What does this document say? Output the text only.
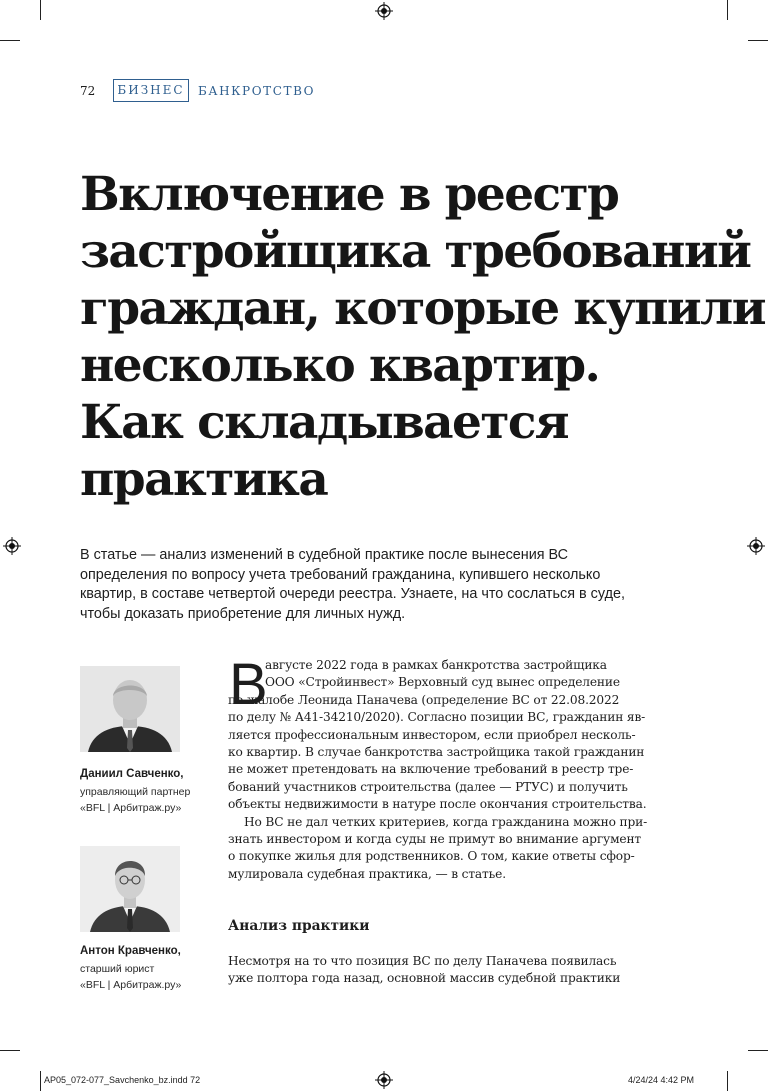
72	БИЗНЕС	БАНКРОТСТВО
Включение в реестр
застройщика требований
граждан, которые купили
несколько квартир.
Как складывается
практика
В статье — анализ изменений в судебной практике после вынесения ВС
определения по вопросу учета требований гражданина, купившего несколько
квартир, в составе четвертой очереди реестра. Узнаете, на что сослаться в суде,
чтобы доказать приобретение для личных нужд.
Даниил Савченко,
управляющий партнер
«BFL | Арбитраж.ру»
Антон Кравченко,
старший юрист
«BFL | Арбитраж.ру»
В
августе 2022 года в рамках банкротства застройщика
ООО «Стройинвест» Верховный суд вынес определение
по жалобе Леонида Паначева (определение ВС от 22.08.2022
по делу № А41-34210/2020). Согласно позиции ВС, гражданин яв-
ляется профессиональным инвестором, если приобрел несколь-
ко квартир. В случае банкротства застройщика такой гражданин
не может претендовать на включение требований в реестр тре-
бований участников строительства (далее — РТУС) и получить
объекты недвижимости в натуре после окончания строительства.
Но ВС не дал четких критериев, когда гражданина можно при-
знать инвестором и когда суды не примут во внимание аргумент
о покупке жилья для родственников. О том, какие ответы сфор-
мулировала судебная практика, — в статье.
Анализ практики
Несмотря на то что позиция ВС по делу Паначева появилась
уже полтора года назад, основной массив судебной практики
AP05_072-077_Savchenko_bz.indd 72	4/24/24 4:42 PM
